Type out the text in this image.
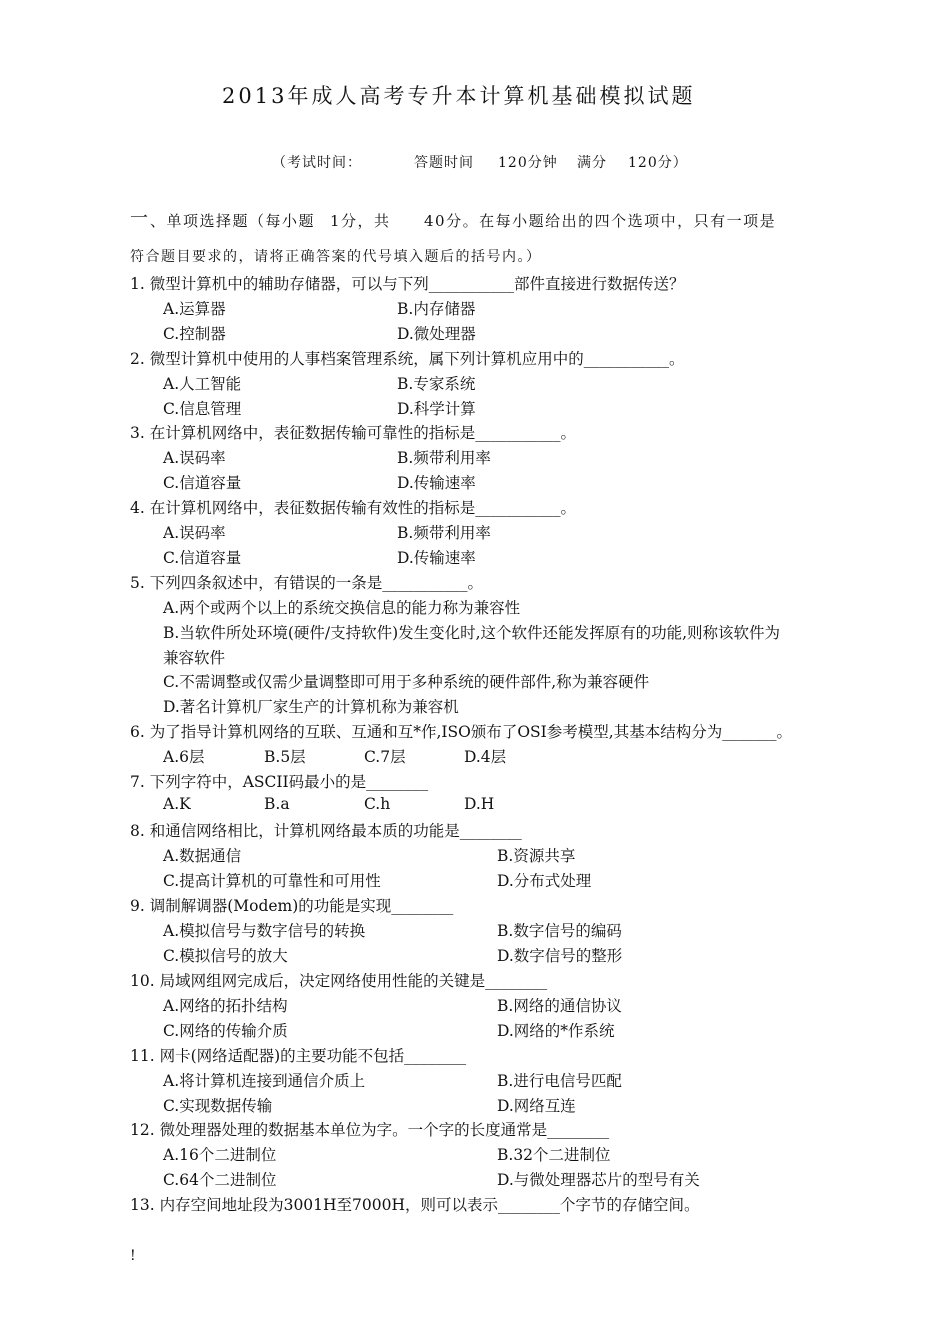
2013年成人高考专升本计算机基础模拟试题
（考试时间：	答题时间 120分钟 满分 120分）
一 、单项选择题（每小题 1分，共 40分。在每小题给出的四个选项中，只有一项是
符合题目要求的，请将正确答案的代号填入题后的括号内。）
1. 微型计算机中的辅助存储器，可以与下列___________部件直接进行数据传送？
A.运算器	B.内存储器
C.控制器	D.微处理器
2. 微型计算机中使用的人事档案管理系统，属下列计算机应用中的___________。
A.人工智能	B.专家系统
C.信息管理	D.科学计算
3. 在计算机网络中，表征数据传输可靠性的指标是___________。
A.误码率	B.频带利用率
C.信道容量	D.传输速率
4. 在计算机网络中，表征数据传输有效性的指标是___________。
A.误码率	B.频带利用率
C.信道容量	D.传输速率
5. 下列四条叙述中，有错误的一条是___________。
A.两个或两个以上的系统交换信息的能力称为兼容性
B.当软件所处环境(硬件/支持软件)发生变化时,这个软件还能发挥原有的功能,则称该软件为
兼容软件
C.不需调整或仅需少量调整即可用于多种系统的硬件部件,称为兼容硬件
D.著名计算机厂家生产的计算机称为兼容机
6. 为了指导计算机网络的互联、互通和互*作,ISO颁布了OSI参考模型,其基本结构分为_______。
A.6层	B.5层	C.7层	D.4层
7. 下列字符中，ASCII码最小的是________
A.K	B.a	C.h	D.H
8. 和通信网络相比，计算机网络最本质的功能是________
A.数据通信	B.资源共享
C.提高计算机的可靠性和可用性	D.分布式处理
9. 调制解调器(Modem)的功能是实现________
A.模拟信号与数字信号的转换	B.数字信号的编码
C.模拟信号的放大	D.数字信号的整形
10. 局域网组网完成后，决定网络使用性能的关键是________
A.网络的拓扑结构	B.网络的通信协议
C.网络的传输介质	D.网络的*作系统
11. 网卡(网络适配器)的主要功能不包括________
A.将计算机连接到通信介质上	B.进行电信号匹配
C.实现数据传输	D.网络互连
12. 微处理器处理的数据基本单位为字。一个字的长度通常是________
A.16个二进制位	B.32个二进制位
C.64个二进制位	D.与微处理器芯片的型号有关
13. 内存空间地址段为3001H至7000H，则可以表示________个字节的存储空间。
!
